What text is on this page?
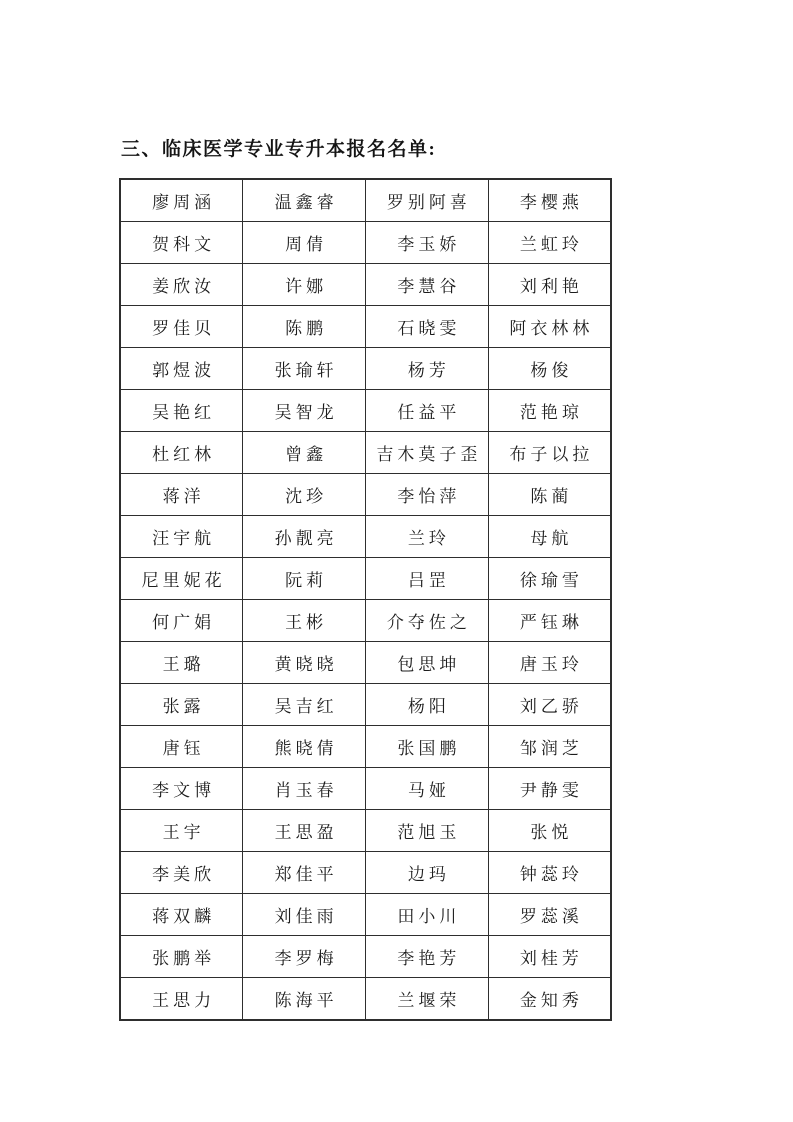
三、临床医学专业专升本报名名单:
廖周涵	温鑫睿	罗别阿喜	李樱燕
贺科文	周倩	李玉娇	兰虹玲
姜欣汝	许娜	李慧谷	刘利艳
罗佳贝	陈鹏	石晓雯	阿衣林林
郭煜波	张瑜轩	杨芳	杨俊
吴艳红	吴智龙	任益平	范艳琼
杜红林	曾鑫	吉木莫子歪	布子以拉
蒋洋	沈珍	李怡萍	陈蔺
汪宇航	孙靓亮	兰玲	母航
尼里妮花	阮莉	吕罡	徐瑜雪
何广娟	王彬	介夺佐之	严钰琳
王璐	黄晓晓	包思坤	唐玉玲
张露	吴吉红	杨阳	刘乙骄
唐钰	熊晓倩	张国鹏	邹润芝
李文博	肖玉春	马娅	尹静雯
王宇	王思盈	范旭玉	张悦
李美欣	郑佳平	边玛	钟蕊玲
蒋双麟	刘佳雨	田小川	罗蕊溪
张鹏举	李罗梅	李艳芳	刘桂芳
王思力	陈海平	兰堰荣	金知秀
